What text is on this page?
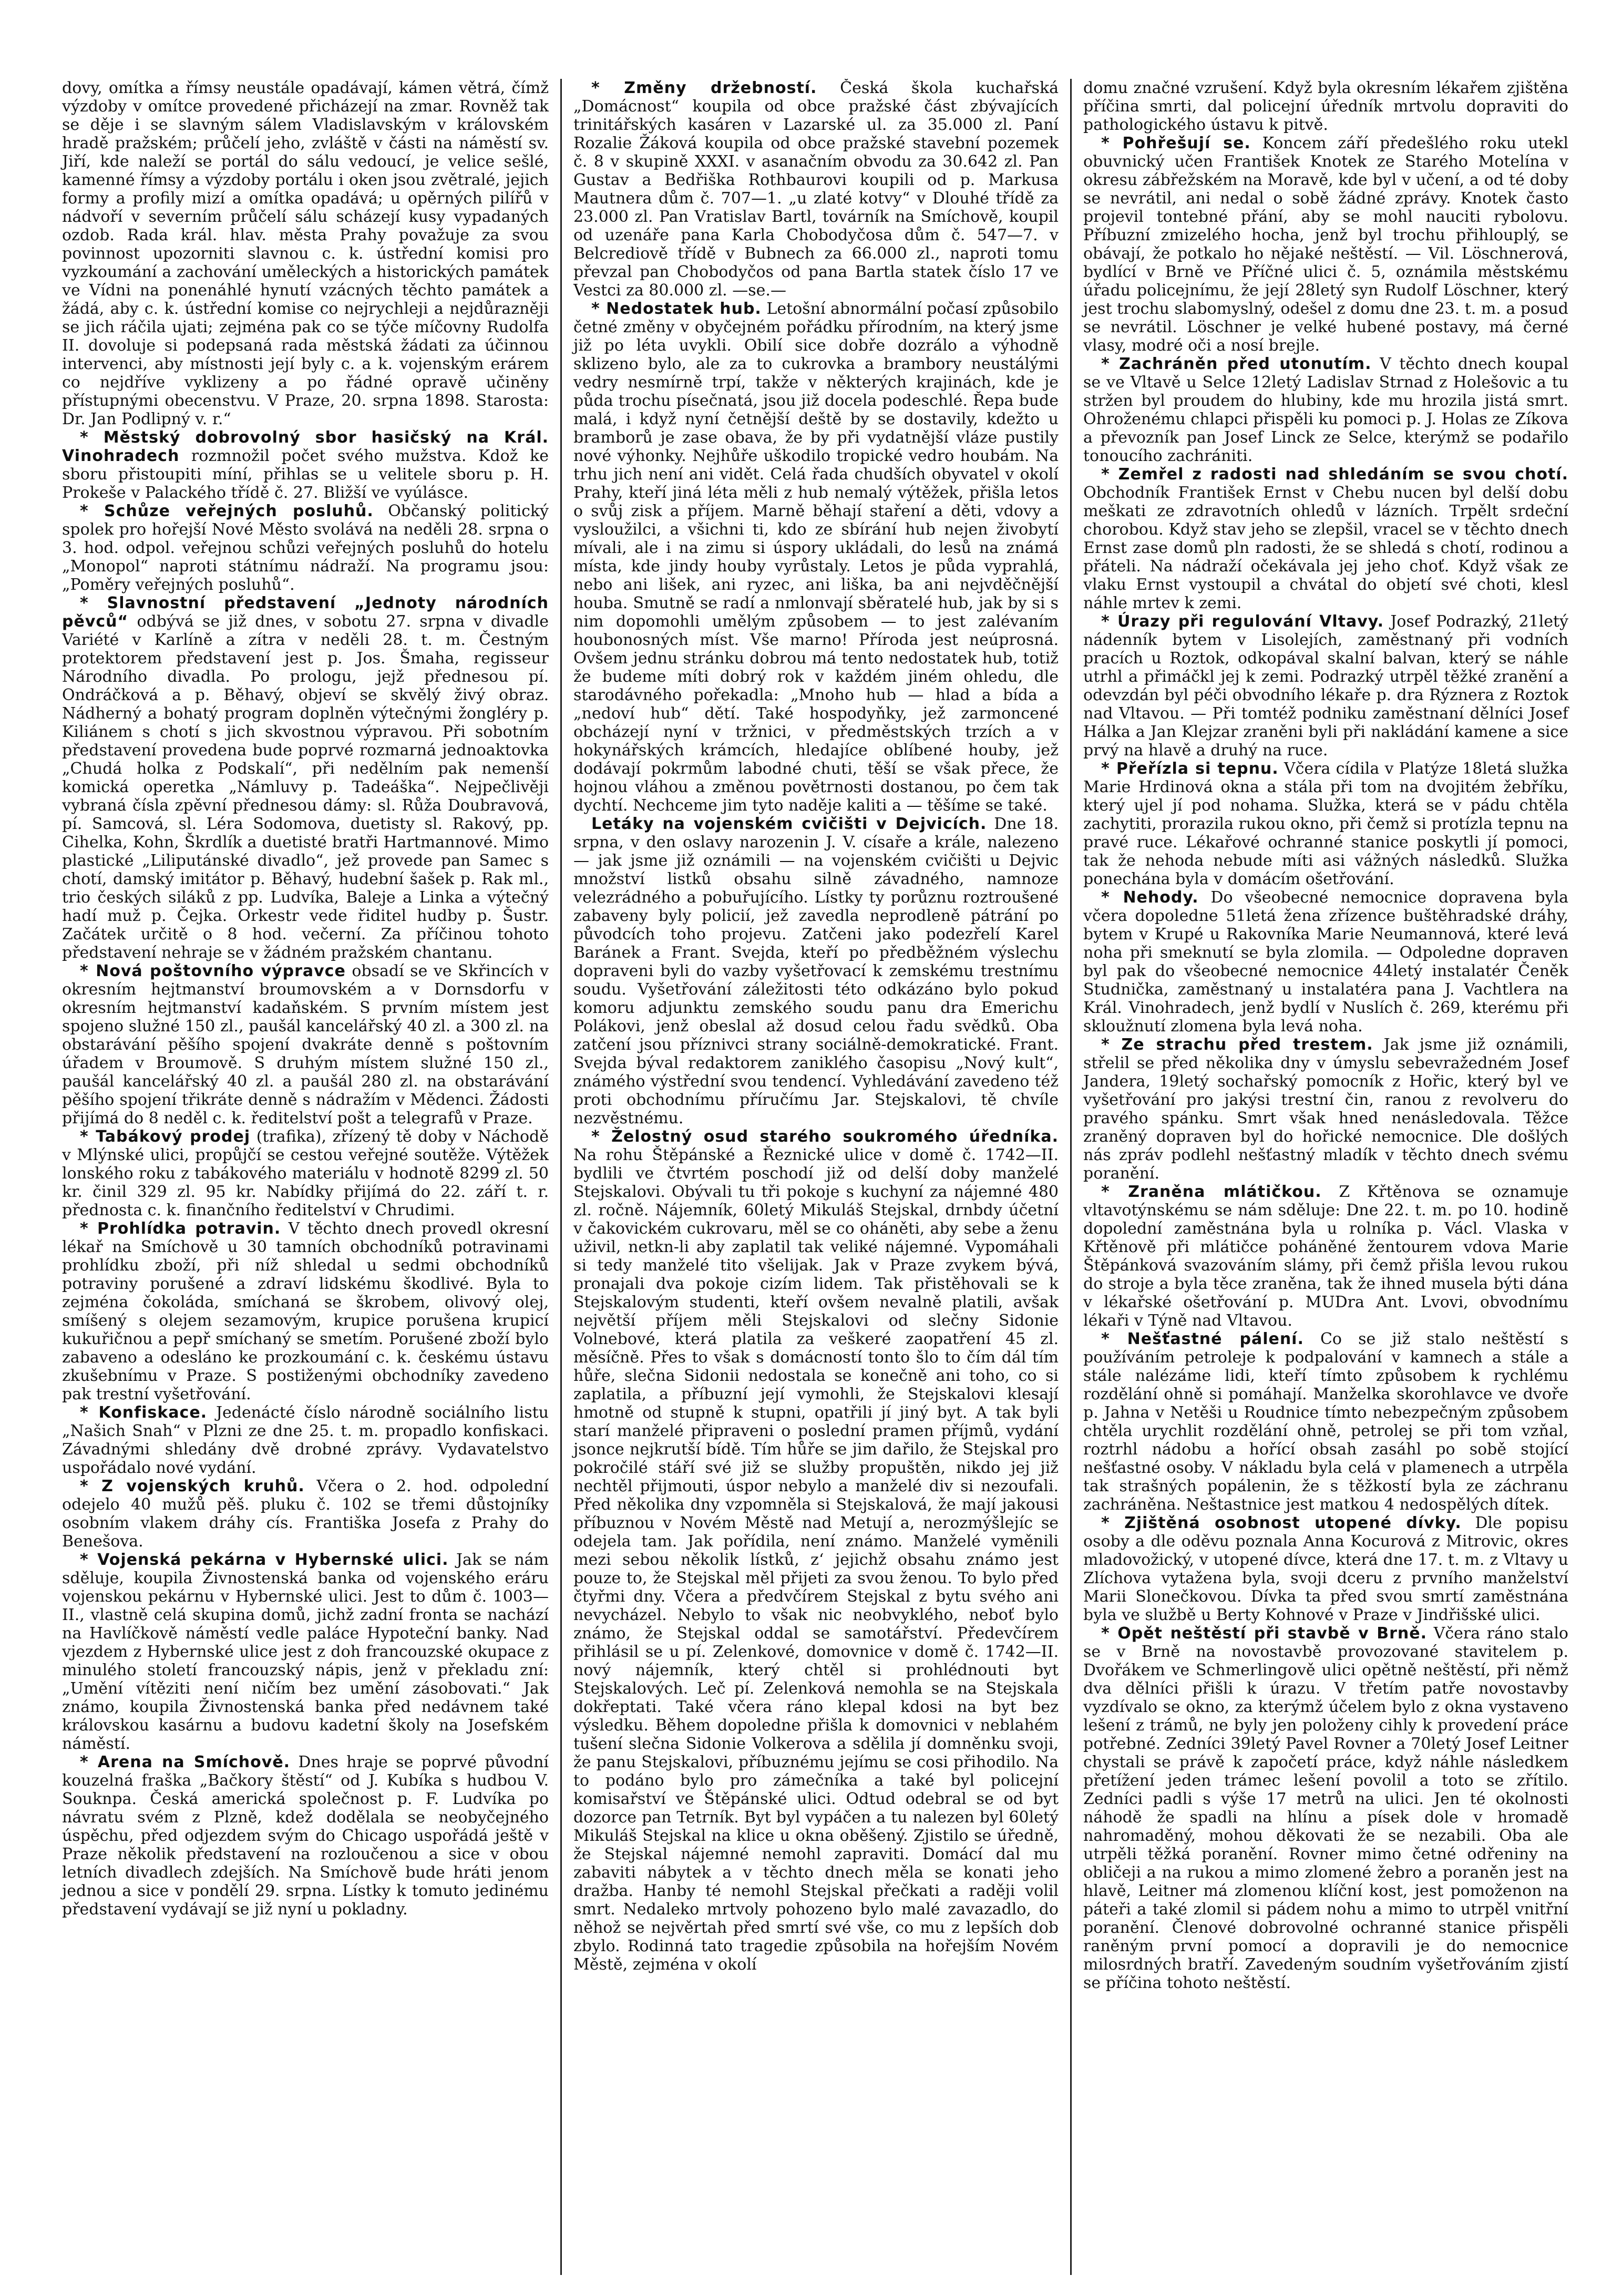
dovy, omítka a římsy neustále opadávají, kámen větrá, čímž výzdoby v omítce provedené přicházejí na zmar. Rovněž tak se děje i se slavným sálem Vladislavským v královském hradě pražském; průčelí jeho, zvláště v části na náměstí sv. Jiří, kde naleží se portál do sálu vedoucí, je velice sešlé, kamenné římsy a výzdoby portálu i oken jsou zvětralé, jejich formy a profily mizí a omítka opadává; u opěrných pilířů v nádvoří v severním průčelí sálu scházejí kusy vypadaných ozdob. Rada král. hlav. města Prahy považuje za svou povinnost upozorniti slavnou c. k. ústřední komisi pro vyzkoumání a zachování uměleckých a historických památek ve Vídni na ponenáhlé hynutí vzácných těchto památek a žádá, aby c. k. ústřední komise co nejrychleji a nejdůrazněji se jich ráčila ujati; zejména pak co se týče míčovny Rudolfa II. dovoluje si podepsaná rada městská žádati za účinnou intervenci, aby místnosti její byly c. a k. vojenským erárem co nejdříve vyklizeny a po řádné opravě učiněny přístupnými obecenstvu. V Praze, 20. srpna 1898. Starosta: Dr. Jan Podlipný v. r.“

* Městský dobrovolný sbor hasičský na Král. Vinohradech rozmnožil počet svého mužstva. Kdož ke sboru přistoupiti míní, přihlas se u velitele sboru p. H. Prokeše v Palackého třídě č. 27. Bližší ve vyúlásce.

* Schůze veřejných posluhů. Občanský politický spolek pro hořejší Nové Město svolává na neděli 28. srpna o 3. hod. odpol. veřejnou schůzi veřejných posluhů do hotelu „Monopol“ naproti státnímu nádraží. Na programu jsou: „Poměry veřejných posluhů“.

* Slavnostní představení „Jednoty národních pěvců“ odbývá se již dnes, v sobotu 27. srpna v divadle Variété v Karlíně a zítra v neděli 28. t. m. Čestným protektorem představení jest p. Jos. Šmaha, regisseur Národního divadla. Po prologu, jejž přednesou pí. Ondráčková a p. Běhavý, objeví se skvělý živý obraz. Nádherný a bohatý program doplněn výtečnými žongléry p. Kiliánem s chotí s jich skvostnou výpravou. Při sobotním představení provedena bude poprvé rozmarná jednoaktovka „Chudá holka z Podskalí“, při nedělním pak nemenší komická operetka „Námluvy p. Tadeáška“. Nejpečlivěji vybraná čísla zpěvní přednesou dámy: sl. Růža Doubravová, pí. Samcová, sl. Léra Sodomova, duetisty sl. Rakový, pp. Cihelka, Kohn, Škrdlík a duetisté bratři Hartmannové. Mimo plastické „Liliputánské divadlo“, jež provede pan Samec s chotí, damský imitátor p. Běhavý, hudební šašek p. Rak ml., trio českých siláků z pp. Ludvíka, Baleje a Linka a výtečný hadí muž p. Čejka. Orkestr vede řiditel hudby p. Šustr. Začátek určitě o 8 hod. večerní. Za příčinou tohoto představení nehraje se v žádném pražském chantanu.

* Nová poštovního výpravce obsadí se ve Skřincích v okresním hejtmanství broumovském a v Dornsdorfu v okresním hejtmanství kadaňském. S prvním místem jest spojeno služné 150 zl., paušál kancelářský 40 zl. a 300 zl. na obstarávání pěšího spojení dvakráte denně s poštovním úřadem v Broumově. S druhým místem služné 150 zl., paušál kancelářský 40 zl. a paušál 280 zl. na obstarávání pěšího spojení třikráte denně s nádražím v Mědenci. Žádosti přijímá do 8 neděl c. k. ředitelství pošt a telegrafů v Praze.

* Tabákový prodej (trafika), zřízený tě doby v Náchodě v Mlýnské ulici, propůjčí se cestou veřejné soutěže. Výtěžek lonského roku z tabákového materiálu v hodnotě 8299 zl. 50 kr. činil 329 zl. 95 kr. Nabídky přijímá do 22. září t. r. přednosta c. k. finančního ředitelství v Chrudimi.

* Prohlídka potravin. V těchto dnech provedl okresní lékař na Smíchově u 30 tamních obchodníků potravinami prohlídku zboží, při níž shledal u sedmi obchodníků potraviny porušené a zdraví lidskému škodlivé. Byla to zejména čokoláda, smíchaná se škrobem, olivový olej, smíšený s olejem sezamovým, krupice porušena krupicí kukuřičnou a pepř smíchaný se smetím. Porušené zboží bylo zabaveno a odesláno ke prozkoumání c. k. českému ústavu zkušebnímu v Praze. S postiženými obchodníky zavedeno pak trestní vyšetřování.

* Konfiskace. Jedenácté číslo národně sociálního listu „Našich Snah“ v Plzni ze dne 25. t. m. propadlo konfiskaci. Závadnými shledány dvě drobné zprávy. Vydavatelstvo uspořádalo nové vydání.

* Z vojenských kruhů. Včera o 2. hod. odpolední odejelo 40 mužů pěš. pluku č. 102 se třemi důstojníky osobním vlakem dráhy cís. Františka Josefa z Prahy do Benešova.

* Vojenská pekárna v Hybernské ulici. Jak se nám sděluje, koupila Živnostenská banka od vojenského eráru vojenskou pekárnu v Hybernské ulici. Jest to dům č. 1003—II., vlastně celá skupina domů, jichž zadní fronta se nachází na Havlíčkově náměstí vedle paláce Hypoteční banky. Nad vjezdem z Hybernské ulice jest z doh francouzské okupace z minulého století francouzský nápis, jenž v překladu zní: „Umění vítěziti není ničím bez umění zásobovati.“ Jak známo, koupila Živnostenská banka před nedávnem také královskou kasárnu a budovu kadetní školy na Josefském náměstí.

* Arena na Smíchově. Dnes hraje se poprvé původní kouzelná fraška „Bačkory štěstí“ od J. Kubíka s hudbou V. Souknpa. Česká americká společnost p. F. Ludvíka po návratu svém z Plzně, kdež dodělala se neobyčejného úspěchu, před odjezdem svým do Chicago uspořádá ještě v Praze několik představení na rozloučenou a sice v obou letních divadlech zdejších. Na Smíchově bude hráti jenom jednou a sice v pondělí 29. srpna. Lístky k tomuto jedinému představení vydávají se již nyní u pokladny.

* Změny držebností. Česká škola kuchařská „Domácnost“ koupila od obce pražské část zbývajících trinitářských kasáren v Lazarské ul. za 35.000 zl. Paní Rozalie Žáková koupila od obce pražské stavební pozemek č. 8 v skupině XXXI. v asanačním obvodu za 30.642 zl. Pan Gustav a Bedřiška Rothbaurovi koupili od p. Markusa Mautnera dům č. 707—1. „u zlaté kotvy“ v Dlouhé třídě za 23.000 zl. Pan Vratislav Bartl, továrník na Smíchově, koupil od uzenáře pana Karla Chobodyčosa dům č. 547—7. v Belcrediově třídě v Bubnech za 66.000 zl., naproti tomu převzal pan Chobodyčos od pana Bartla statek číslo 17 ve Vestci za 80.000 zl. —se.—

* Nedostatek hub. Letošní abnormální počasí způsobilo četné změny v obyčejném pořádku přírodním, na který jsme již po léta uvykli. Obilí sice dobře dozrálo a výhodně sklizeno bylo, ale za to cukrovka a brambory neustálými vedry nesmírně trpí, takže v některých krajinách, kde je půda trochu písečnatá, jsou již docela podeschlé. Řepa bude malá, i když nyní četnější deště by se dostavily, kdežto u bramborů je zase obava, že by při vydatnější vláze pustily nové výhonky. Nejhůře uškodilo tropické vedro houbám. Na trhu jich není ani vidět. Celá řada chudších obyvatel v okolí Prahy, kteří jiná léta měli z hub nemalý výtěžek, přišla letos o svůj zisk a příjem. Marně běhají staření a děti, vdovy a vysloužilci, a všichni ti, kdo ze sbírání hub nejen živobytí mívali, ale i na zimu si úspory ukládali, do lesů na známá místa, kde jindy houby vyrůstaly. Letos je půda vyprahlá, nebo ani lišek, ani ryzec, ani liška, ba ani nejvděčnější houba. Smutně se radí a nmlonvají sběratelé hub, jak by si s nim dopomohli umělým způsobem — to jest zalévaním houbonosných míst. Vše marno! Příroda jest neúprosná. Ovšem jednu stránku dobrou má tento nedostatek hub, totiž že budeme míti dobrý rok v každém jiném ohledu, dle starodávného pořekadla: „Mnoho hub — hlad a bída a „nedoví hub“ dětí. Také hospodyňky, jež zarmoncené obcházejí nyní v tržnici, v předměstských trzích a v hokynářských krámcích, hledajíce oblíbené houby, jež dodávají pokrmům labodné chuti, těší se však přece, že hojnou vláhou a změnou povětrnosti dostanou, po čem tak dychtí. Nechceme jim tyto naděje kaliti a — těšíme se také.

Letáky na vojenském cvičišti v Dejvicích. Dne 18. srpna, v den oslavy narozenin J. V. císaře a krále, nalezeno — jak jsme již oznámili — na vojenském cvičišti u Dejvic množství listků obsahu silně závadného, namnoze velezrádného a pobuřujícího. Lístky ty porůznu roztroušené zabaveny byly policií, jež zavedla neprodleně pátrání po původcích toho projevu. Zatčeni jako podezřelí Karel Baránek a Frant. Svejda, kteří po předběžném výslechu dopraveni byli do vazby vyšetřovací k zemskému trestnímu soudu. Vyšetřování záležitosti této odkázáno bylo pokud komoru adjunktu zemského soudu panu dra Emerichu Polákovi, jenž obeslal až dosud celou řadu svědků. Oba zatčení jsou příznivci strany sociálně-demokratické. Frant. Svejda býval redaktorem zaniklého časopisu „Nový kult“, známého výstřední svou tendencí. Vyhledávání zavedeno též proti obchodnímu příručímu Jar. Stejskalovi, tě chvíle nezvěstnému.

* Želostný osud starého soukromého úředníka. Na rohu Štěpánské a Řeznické ulice v domě č. 1742—II. bydlili ve čtvrtém poschodí již od delší doby manželé Stejskalovi. Obývali tu tři pokoje s kuchyní za nájemné 480 zl. ročně. Nájemník, 60letý Mikuláš Stejskal, drnbdy účetní v čakovickém cukrovaru, měl se co oháněti, aby sebe a ženu uživil, netkn-li aby zaplatil tak veliké nájemné. Vypomáhali si tedy manželé tito všelijak. Jak v Praze zvykem bývá, pronajali dva pokoje cizím lidem. Tak přistěhovali se k Stejskalovým studenti, kteří ovšem nevalně platili, avšak největší příjem měli Stejskalovi od slečny Sidonie Volnebové, která platila za veškeré zaopatření 45 zl. měsíčně. Přes to však s domácností tonto šlo to čím dál tím hůře, slečna Sidonii nedostala se konečně ani toho, co si zaplatila, a příbuzní její vymohli, že Stejskalovi klesají hmotně od stupně k stupni, opatřili jí jiný byt. A tak byli starí manželé připraveni o poslední pramen příjmů, vydání jsonce nejkrutší bídě. Tím hůře se jim dařilo, že Stejskal pro pokročilé stáří své již se služby propuštěn, nikdo jej již nechtěl přijmouti, úspor nebylo a manželé div si nezoufali. Před několika dny vzpomněla si Stejskalová, že mají jakousi příbuznou v Novém Městě nad Metují a, nerozmýšlejíc se odejela tam. Jak pořídila, není známo. Manželé vyměnili mezi sebou několik lístků, z‘ jejichž obsahu známo jest pouze to, že Stejskal měl přijeti za svou ženou. To bylo před čtyřmi dny. Včera a předvčírem Stejskal z bytu svého ani nevycházel. Nebylo to však nic neobvyklého, neboť bylo známo, že Stejskal oddal se samotářství. Předevčírem přihlásil se u pí. Zelenkové, domovnice v domě č. 1742—II. nový nájemník, který chtěl si prohlédnouti byt Stejskalových. Leč pí. Zelenková nemohla se na Stejskala dokřeptati. Také včera ráno klepal kdosi na byt bez výsledku. Během dopoledne přišla k domovnici v neblahém tušení slečna Sidonie Volkerova a sdělila jí domněnku svoji, že panu Stejskalovi, příbuznému jejímu se cosi přihodilo. Na to podáno bylo pro zámečníka a také byl policejní komisařství ve Štěpánské ulici. Odtud odebral se od byt dozorce pan Tetrník. Byt byl vypáčen a tu nalezen byl 60letý Mikuláš Stejskal na klice u okna oběšený. Zjistilo se úředně, že Stejskal nájemné nemohl zapraviti. Domácí dal mu zabaviti nábytek a v těchto dnech měla se konati jeho dražba. Hanby té nemohl Stejskal přečkati a raději volil smrt. Nedaleko mrtvoly pohozeno bylo malé zavazadlo, do něhož se nejvěrtah před smrtí své vše, co mu z lepších dob zbylo. Rodinná tato tragedie způsobila na hořejším Novém Městě, zejména v okolí

domu značné vzrušení. Když byla okresním lékařem zjištěna příčina smrti, dal policejní úředník mrtvolu dopraviti do pathologického ústavu k pitvě.

* Pohřešují se. Koncem září předešlého roku utekl obuvnický učen František Knotek ze Starého Motelína v okresu zábřežském na Moravě, kde byl v učení, a od té doby se nevrátil, ani nedal o sobě žádné zprávy. Knotek často projevil tontebné přání, aby se mohl nauciti rybolovu. Příbuzní zmizelého hocha, jenž byl trochu přihlouplý, se obávají, že potkalo ho nějaké neštěstí. — Vil. Löschnerová, bydlící v Brně ve Příčné ulici č. 5, oznámila městskému úřadu policejnímu, že její 28letý syn Rudolf Löschner, který jest trochu slabomyslný, odešel z domu dne 23. t. m. a posud se nevrátil. Löschner je velké hubené postavy, má černé vlasy, modré oči a nosí brejle.

* Zachráněn před utonutím. V těchto dnech koupal se ve Vltavě u Selce 12letý Ladislav Strnad z Holešovic a tu stržen byl proudem do hlubiny, kde mu hrozila jistá smrt. Ohroženému chlapci přispěli ku pomoci p. J. Holas ze Zíkova a převozník pan Josef Linck ze Selce, kterýmž se podařilo tonoucího zachrániti.

* Zemřel z radosti nad shledáním se svou chotí. Obchodník František Ernst v Chebu nucen byl delší dobu meškati ze zdravotních ohledů v lázních. Trpělt srdeční chorobou. Když stav jeho se zlepšil, vracel se v těchto dnech Ernst zase domů pln radosti, že se shledá s chotí, rodinou a přáteli. Na nádraží očekávala jej jeho choť. Když však ze vlaku Ernst vystoupil a chvátal do objetí své choti, klesl náhle mrtev k zemi.

* Úrazy při regulování Vltavy. Josef Podrazký, 21letý nádenník bytem v Lisolejích, zaměstnaný při vodních pracích u Roztok, odkopával skalní balvan, který se náhle utrhl a přimáčkl jej k zemi. Podrazký utrpěl těžké zranění a odevzdán byl péči obvodního lékaře p. dra Rýznera z Roztok nad Vltavou. — Při tomtéž podniku zaměstnaní dělníci Josef Hálka a Jan Klejzar zraněni byli při nakládání kamene a sice prvý na hlavě a druhý na ruce.

* Přeřízla si tepnu. Včera cídila v Platýze 18letá služka Marie Hrdinová okna a stála při tom na dvojitém žebříku, který ujel jí pod nohama. Služka, která se v pádu chtěla zachytiti, prorazila rukou okno, při čemž si protízla tepnu na pravé ruce. Lékařové ochranné stanice poskytli jí pomoci, tak že nehoda nebude míti asi vážných následků. Služka ponechána byla v domácím ošetřování.

* Nehody. Do všeobecné nemocnice dopravena byla včera dopoledne 51letá žena zřízence buštěhradské dráhy, bytem v Krupé u Rakovníka Marie Neumannová, které levá noha při smeknutí se byla zlomila. — Odpoledne dopraven byl pak do všeobecné nemocnice 44letý instalatér Čeněk Studnička, zaměstnaný u instalatéra pana J. Vachtlera na Král. Vinohradech, jenž bydlí v Nuslích č. 269, kterému při skloužnutí zlomena byla levá noha.

* Ze strachu před trestem. Jak jsme již oznámili, střelil se před několika dny v úmyslu sebevražedném Josef Jandera, 19letý sochařský pomocník z Hořic, který byl ve vyšetřování pro jakýsi trestní čin, ranou z revolveru do pravého spánku. Smrt však hned nenásledovala. Těžce zraněný dopraven byl do hořické nemocnice. Dle došlých nás zpráv podlehl nešťastný mladík v těchto dnech svému poranění.

* Zraněna mlátičkou. Z Křtěnova se oznamuje vltavotýnskému se nám sděluje: Dne 22. t. m. po 10. hodině dopolední zaměstnána byla u rolníka p. Václ. Vlaska v Křtěnově při mlátičce poháněné žentourem vdova Marie Štěpánková svazováním slámy, při čemž přišla levou rukou do stroje a byla těce zraněna, tak že ihned musela býti dána v lékařské ošetřování p. MUDra Ant. Lvovi, obvodnímu lékaři v Týně nad Vltavou.

* Nešťastné pálení. Co se již stalo neštěstí s používáním petroleje k podpalování v kamnech a stále a stále nalézáme lidi, kteří tímto způsobem k rychlému rozdělání ohně si pomáhají. Manželka skorohlavce ve dvoře p. Jahna v Netěši u Roudnice tímto nebezpečným způsobem chtěla urychlit rozdělání ohně, petrolej se při tom vzňal, roztrhl nádobu a hořící obsah zasáhl po sobě stojící nešťastné osoby. V nákladu byla celá v plamenech a utrpěla tak strašných popálenin, že s těžkostí byla ze záchranu zachráněna. Neštastnice jest matkou 4 nedospělých dítek.

* Zjištěná osobnost utopené dívky. Dle popisu osoby a dle oděvu poznala Anna Kocurová z Mitrovic, okres mladovožický, v utopené dívce, která dne 17. t. m. z Vltavy u Zlíchova vytažena byla, svoji dceru z prvního manželství Marii Slonečkovou. Dívka ta před svou smrtí zaměstnána byla ve službě u Berty Kohnové v Praze v Jindřišské ulici.

* Opět neštěstí při stavbě v Brně. Včera ráno stalo se v Brně na novostavbě provozované stavitelem p. Dvořákem ve Schmerlingově ulici opětně neštěstí, při němž dva dělníci přišli k úrazu. V třetím patře novostavby vyzdívalo se okno, za kterýmž účelem bylo z okna vystaveno lešení z trámů, ne byly jen položeny cihly k provedení práce potřebné. Zedníci 39letý Pavel Rovner a 70letý Josef Leitner chystali se právě k započetí práce, když náhle následkem přetížení jeden trámec lešení povolil a toto se zřítilo. Zedníci padli s výše 17 metrů na ulici. Jen té okolnosti náhodě že spadli na hlínu a písek dole v hromadě nahromaděný, mohou děkovati že se nezabili. Oba ale utrpěli těžká poranění. Rovner mimo četné odřeniny na obličeji a na rukou a mimo zlomené žebro a poraněn jest na hlavě, Leitner má zlomenou klíční kost, jest pomoženon na páteři a také zlomil si pádem nohu a mimo to utrpěl vnitřní poranění. Členové dobrovolné ochranné stanice přispěli raněným první pomocí a dopravili je do nemocnice milosrdných bratří. Zavedeným soudním vyšetřováním zjistí se příčina tohoto neštěstí.
